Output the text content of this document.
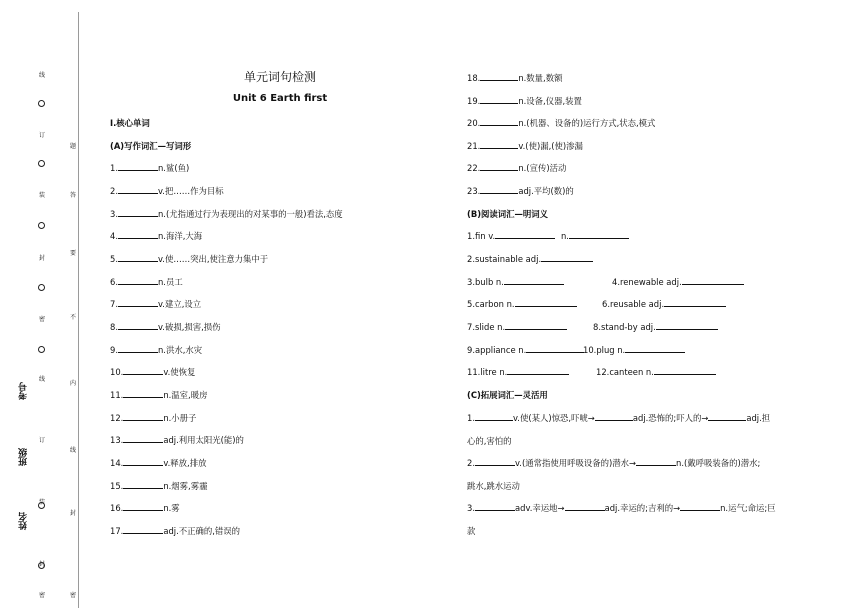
线
订
装
封
密
线
订
装
封
密
题
答
要
不
内
线
封
密
考号
班级
姓名
单元词句检测
Unit 6 Earth first
Ⅰ.核心单词
(A)写作词汇—写词形
1.	n.鲨(鱼)
2.	v.把……作为目标
3.	n.(尤指通过行为表现出的对某事的一般)看法,态度
4.	n.海洋,大海
5.	v.使……突出,使注意力集中于
6.	n.员工
7.	v.建立,设立
8.	v.破损,损害,损伤
9.	n.洪水,水灾
10.	v.使恢复
11.	n.温室,暖房
12.	n.小册子
13.	adj.利用太阳光(能)的
14.	v.释放,排放
15.	n.烟雾,雾霾
16.	n.雾
17.	adj.不正确的,错误的
18.	n.数量,数额
19.	n.设备,仪器,装置
20.	n.(机器、设备的)运行方式,状态,模式
21.	v.(使)漏,(使)渗漏
22.	n.(宣传)活动
23.	adj.平均(数)的
(B)阅读词汇—明词义
1.fin v.	n.
2.sustainable adj.
3.bulb n.	4.renewable adj.
5.carbon n.	6.reusable adj.
7.slide n.	8.stand-by adj.
9.appliance n.	10.plug n.
11.litre n.	12.canteen n.
(C)拓展词汇—灵活用
1.	v.使(某人)惊恐,吓唬→	adj.恐怖的;吓人的→	adj.担
心的,害怕的
2.	v.(通常指使用呼吸设备的)潜水→	n.(戴呼吸装备的)潜水;
跳水,跳水运动
3.	adv.幸运地→	adj.幸运的;吉利的→	n.运气;命运;巨
款
